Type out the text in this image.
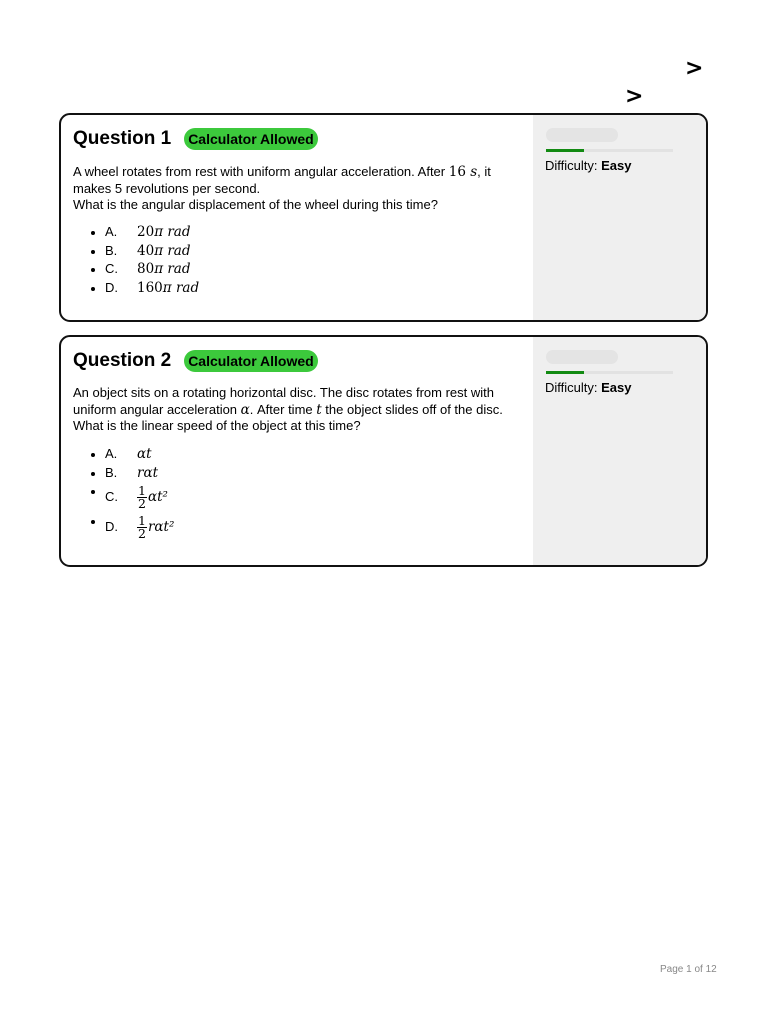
>
>
Question 1 Calculator Allowed
A wheel rotates from rest with uniform angular acceleration. After 16 s, it
makes 5 revolutions per second.
What is the angular displacement of the wheel during this time?
A. 20π rad
B. 40π rad
C. 80π rad
D. 160π rad
Difficulty: Easy
Question 2 Calculator Allowed
An object sits on a rotating horizontal disc. The disc rotates from rest with
uniform angular acceleration α. After time t the object slides off of the disc.
What is the linear speed of the object at this time?
A. αt
B. rαt
C. $\frac{1}{2} \alpha t^2$
D. $\frac{1}{2} r\alpha t^2$
Difficulty: Easy
Page 1 of 12
